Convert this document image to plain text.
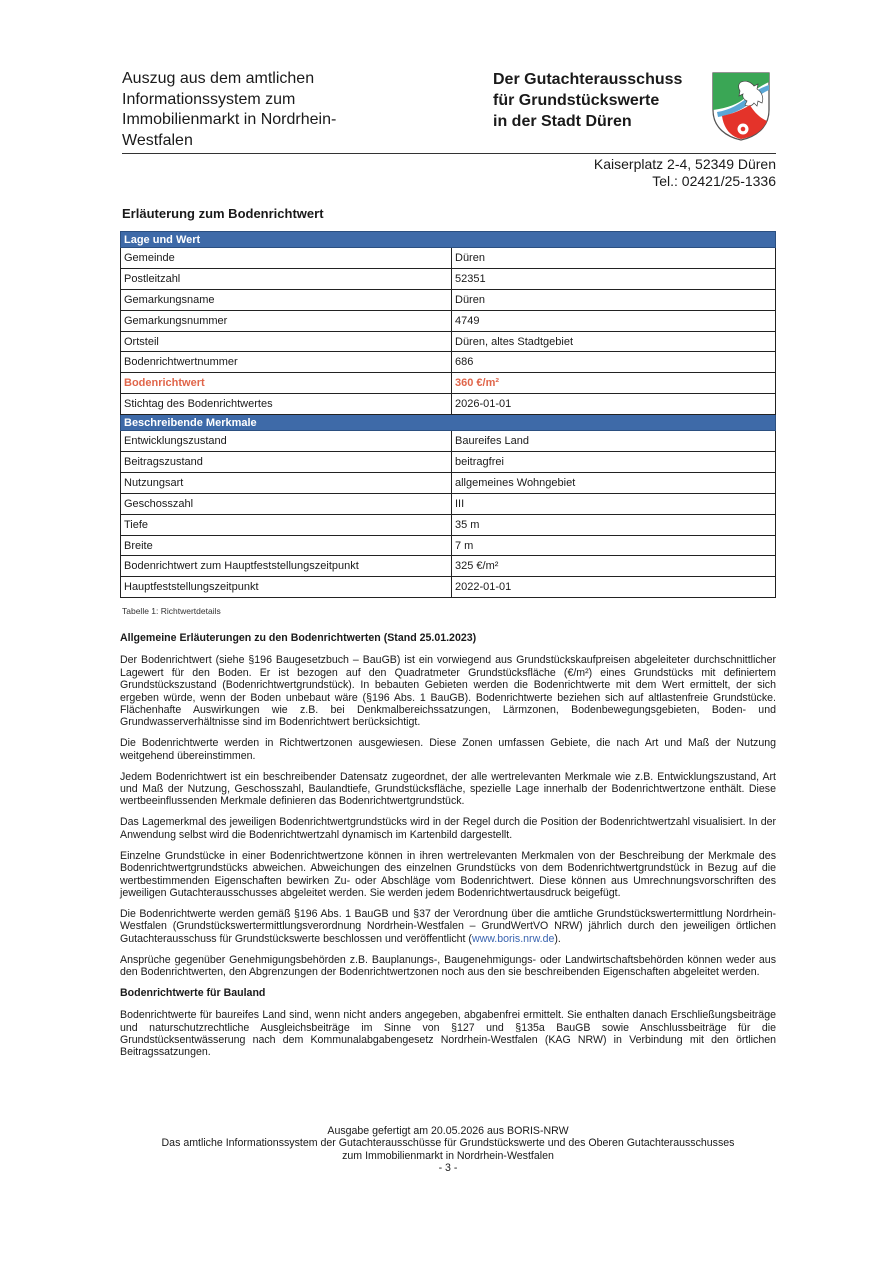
Auszug aus dem amtlichen
Informationssystem zum
Immobilienmarkt in Nordrhein-
Westfalen
Der Gutachterausschuss
für Grundstückswerte
in der Stadt Düren
Kaiserplatz 2-4, 52349 Düren
Tel.: 02421/25-1336
Erläuterung zum Bodenrichtwert
Lage und Wert	
Gemeinde	Düren
Postleitzahl	52351
Gemarkungsname	Düren
Gemarkungsnummer	4749
Ortsteil	Düren, altes Stadtgebiet
Bodenrichtwertnummer	686
Bodenrichtwert	360 €/m²
Stichtag des Bodenrichtwertes	2026-01-01
Beschreibende Merkmale	
Entwicklungszustand	Baureifes Land
Beitragszustand	beitragfrei
Nutzungsart	allgemeines Wohngebiet
Geschosszahl	III
Tiefe	35 m
Breite	7 m
Bodenrichtwert zum Hauptfeststellungszeitpunkt	325 €/m²
Hauptfeststellungszeitpunkt	2022-01-01
Tabelle 1: Richtwertdetails
Allgemeine Erläuterungen zu den Bodenrichtwerten (Stand 25.01.2023)

Der Bodenrichtwert (siehe §196 Baugesetzbuch – BauGB) ist ein vorwiegend aus Grundstückskaufpreisen abgeleiteter durchschnittlicher Lagewert für den Boden. Er ist bezogen auf den Quadratmeter Grundstücksfläche (€/m²) eines Grundstücks mit definiertem Grundstückszustand (Bodenrichtwertgrundstück). In bebauten Gebieten werden die Bodenrichtwerte mit dem Wert ermittelt, der sich ergeben würde, wenn der Boden unbebaut wäre (§196 Abs. 1 BauGB). Bodenrichtwerte beziehen sich auf altlastenfreie Grundstücke. Flächenhafte Auswirkungen wie z.B. bei Denkmalbereichssatzungen, Lärmzonen, Bodenbewegungsgebieten, Boden- und Grundwasserverhältnisse sind im Bodenrichtwert berücksichtigt.

Die Bodenrichtwerte werden in Richtwertzonen ausgewiesen. Diese Zonen umfassen Gebiete, die nach Art und Maß der Nutzung weitgehend übereinstimmen.

Jedem Bodenrichtwert ist ein beschreibender Datensatz zugeordnet, der alle wertrelevanten Merkmale wie z.B. Entwicklungszustand, Art und Maß der Nutzung, Geschosszahl, Baulandtiefe, Grundstücksfläche, spezielle Lage innerhalb der Bodenrichtwertzone enthält. Diese wertbeeinflussenden Merkmale definieren das Bodenrichtwertgrundstück.

Das Lagemerkmal des jeweiligen Bodenrichtwertgrundstücks wird in der Regel durch die Position der Bodenrichtwertzahl visualisiert. In der Anwendung selbst wird die Bodenrichtwertzahl dynamisch im Kartenbild dargestellt.

Einzelne Grundstücke in einer Bodenrichtwertzone können in ihren wertrelevanten Merkmalen von der Beschreibung der Merkmale des Bodenrichtwertgrundstücks abweichen. Abweichungen des einzelnen Grundstücks von dem Bodenrichtwertgrundstück in Bezug auf die wertbestimmenden Eigenschaften bewirken Zu- oder Abschläge vom Bodenrichtwert. Diese können aus Umrechnungsvorschriften des jeweiligen Gutachterausschusses abgeleitet werden. Sie werden jedem Bodenrichtwertausdruck beigefügt.

Die Bodenrichtwerte werden gemäß §196 Abs. 1 BauGB und §37 der Verordnung über die amtliche Grundstückswertermittlung Nordrhein-Westfalen (Grundstückswertermittlungsverordnung Nordrhein-Westfalen – GrundWertVO NRW) jährlich durch den jeweiligen örtlichen Gutachterausschuss für Grundstückswerte beschlossen und veröffentlicht (www.boris.nrw.de).

Ansprüche gegenüber Genehmigungsbehörden z.B. Bauplanungs-, Baugenehmigungs- oder Landwirtschaftsbehörden können weder aus den Bodenrichtwerten, den Abgrenzungen der Bodenrichtwertzonen noch aus den sie beschreibenden Eigenschaften abgeleitet werden.

Bodenrichtwerte für Bauland

Bodenrichtwerte für baureifes Land sind, wenn nicht anders angegeben, abgabenfrei ermittelt. Sie enthalten danach Erschließungsbeiträge und naturschutzrechtliche Ausgleichsbeiträge im Sinne von §127 und §135a BauGB sowie Anschlussbeiträge für die Grundstücksentwässerung nach dem Kommunalabgabengesetz Nordrhein-Westfalen (KAG NRW) in Verbindung mit den örtlichen Beitragssatzungen.

Ausgabe gefertigt am 20.05.2026 aus BORIS-NRW
Das amtliche Informationssystem der Gutachterausschüsse für Grundstückswerte und des Oberen Gutachterausschusses
zum Immobilienmarkt in Nordrhein-Westfalen
- 3 -
